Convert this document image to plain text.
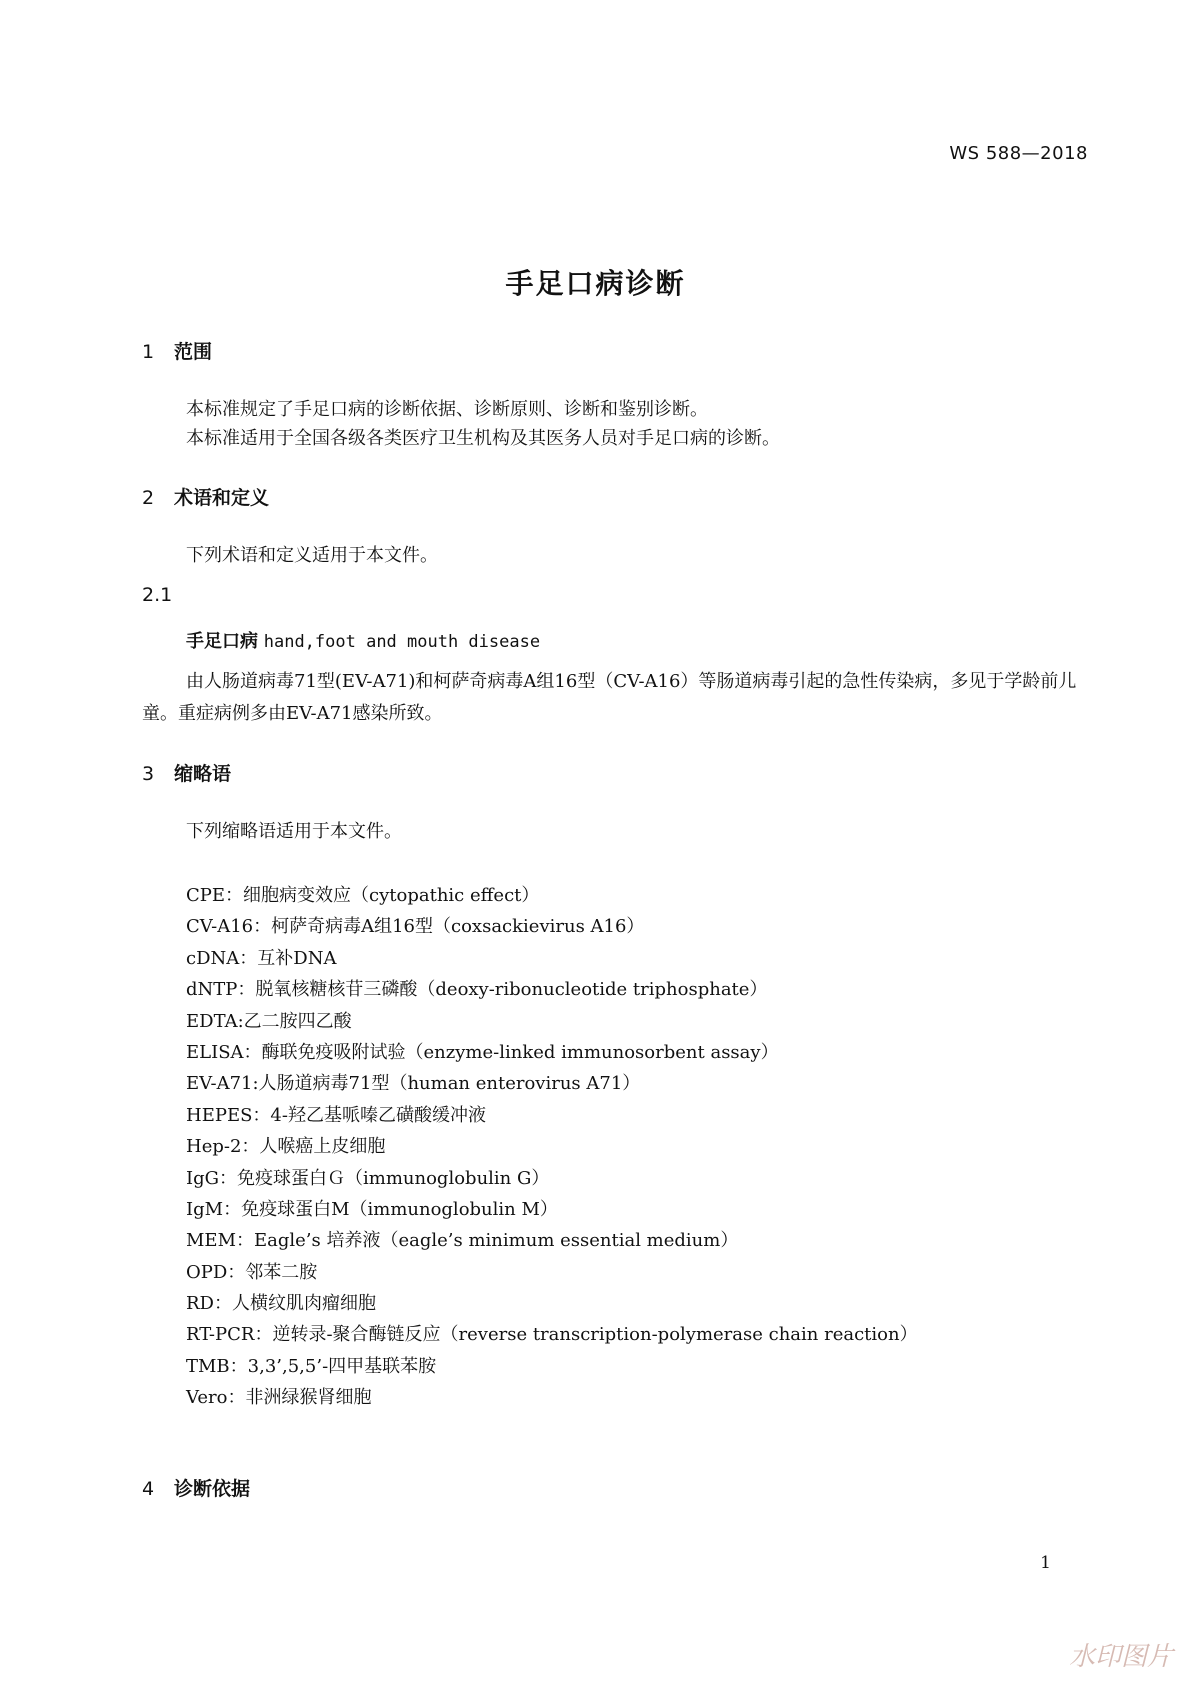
WS 588—2018
手足口病诊断
1 范围
本标准规定了手足口病的诊断依据、诊断原则、诊断和鉴别诊断。
本标准适用于全国各级各类医疗卫生机构及其医务人员对手足口病的诊断。
2 术语和定义
下列术语和定义适用于本文件。
2.1
手足口病 hand,foot and mouth disease
由人肠道病毒71型(EV-A71)和柯萨奇病毒A组16型（CV-A16）等肠道病毒引起的急性传染病，多见于学龄前儿童。重症病例多由EV-A71感染所致。
3 缩略语
下列缩略语适用于本文件。
CPE：细胞病变效应（cytopathic effect）
CV-A16：柯萨奇病毒A组16型（coxsackievirus A16）
cDNA：互补DNA
dNTP：脱氧核糖核苷三磷酸（deoxy-ribonucleotide triphosphate）
EDTA:乙二胺四乙酸
ELISA：酶联免疫吸附试验（enzyme-linked immunosorbent assay）
EV-A71:人肠道病毒71型（human enterovirus A71）
HEPES：4-羟乙基哌嗪乙磺酸缓冲液
Hep-2：人喉癌上皮细胞
IgG：免疫球蛋白Ｇ（immunoglobulin G）
IgM：免疫球蛋白M（immunoglobulin M）
MEM：Eagle’s 培养液（eagle’s minimum essential medium）
OPD：邻苯二胺
RD：人横纹肌肉瘤细胞
RT-PCR：逆转录-聚合酶链反应（reverse transcription-polymerase chain reaction）
TMB：3,3’,5,5’-四甲基联苯胺
Vero：非洲绿猴肾细胞
4 诊断依据
1
水印图片
